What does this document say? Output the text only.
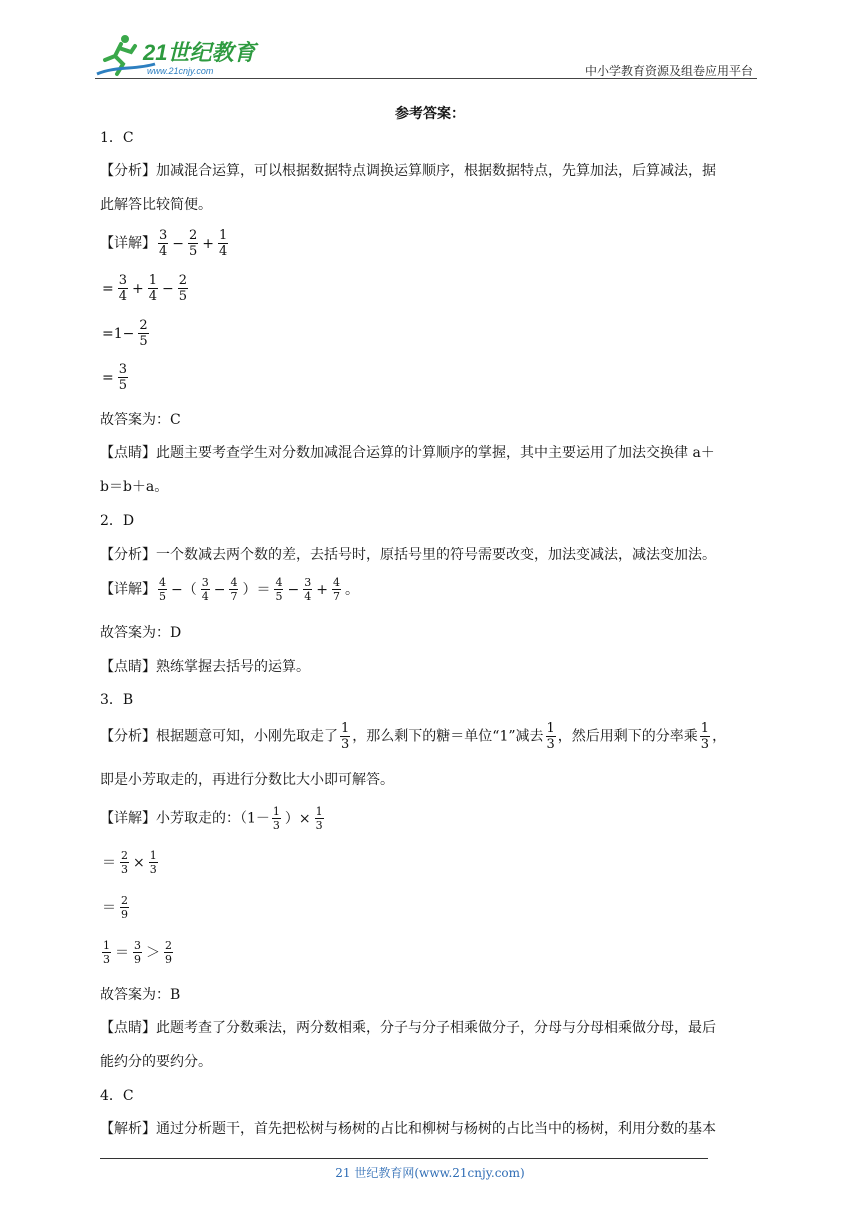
21世纪教育
www.21cnjy.com	中小学教育资源及组卷应用平台
参考答案：
1．C
【分析】加减混合运算，可以根据数据特点调换运算顺序，根据数据特点，先算加法，后算减法，据
此解答比较简便。
【详解】 $\frac{3}{4} - \frac{2}{5} + \frac{1}{4}$
= $\frac{3}{4} + \frac{1}{4} - \frac{2}{5}$
$=1- \frac{2}{5}$
= $\frac{3}{5}$
故答案为：C
【点睛】此题主要考查学生对分数加减混合运算的计算顺序的掌握，其中主要运用了加法交换律 a＋
b＝b＋a。
2．D
【分析】一个数减去两个数的差，去括号时，原括号里的符号需要改变，加法变减法，减法变加法。
【详解】 $\frac{4}{5}$ −（ $\frac{3}{4} - \frac{4}{7}$ ）＝ $\frac{4}{5} - \frac{3}{4} + \frac{4}{7}$ 。
故答案为：D
【点睛】熟练掌握去括号的运算。
3．B
【分析】根据题意可知，小刚先取走了 $\frac{1}{3}$ ，那么剩下的糖＝单位“1”减去 $\frac{1}{3}$ ，然后用剩下的分率乘 $\frac{1}{3}$ ，
即是小芳取走的，再进行分数比大小即可解答。
【详解】小芳取走的：（$1- \frac{1}{3}$ ）× $\frac{1}{3}$
＝ $\frac{2}{3} \times \frac{1}{3}$
＝ $\frac{2}{9}$
$\frac{1}{3} = \frac{3}{9} > \frac{2}{9}$
故答案为：B
【点睛】此题考查了分数乘法，两分数相乘，分子与分子相乘做分子，分母与分母相乘做分母，最后
能约分的要约分。
4．C
【解析】通过分析题干，首先把松树与杨树的占比和柳树与杨树的占比当中的杨树，利用分数的基本
21 世纪教育网(www.21cnjy.com)
